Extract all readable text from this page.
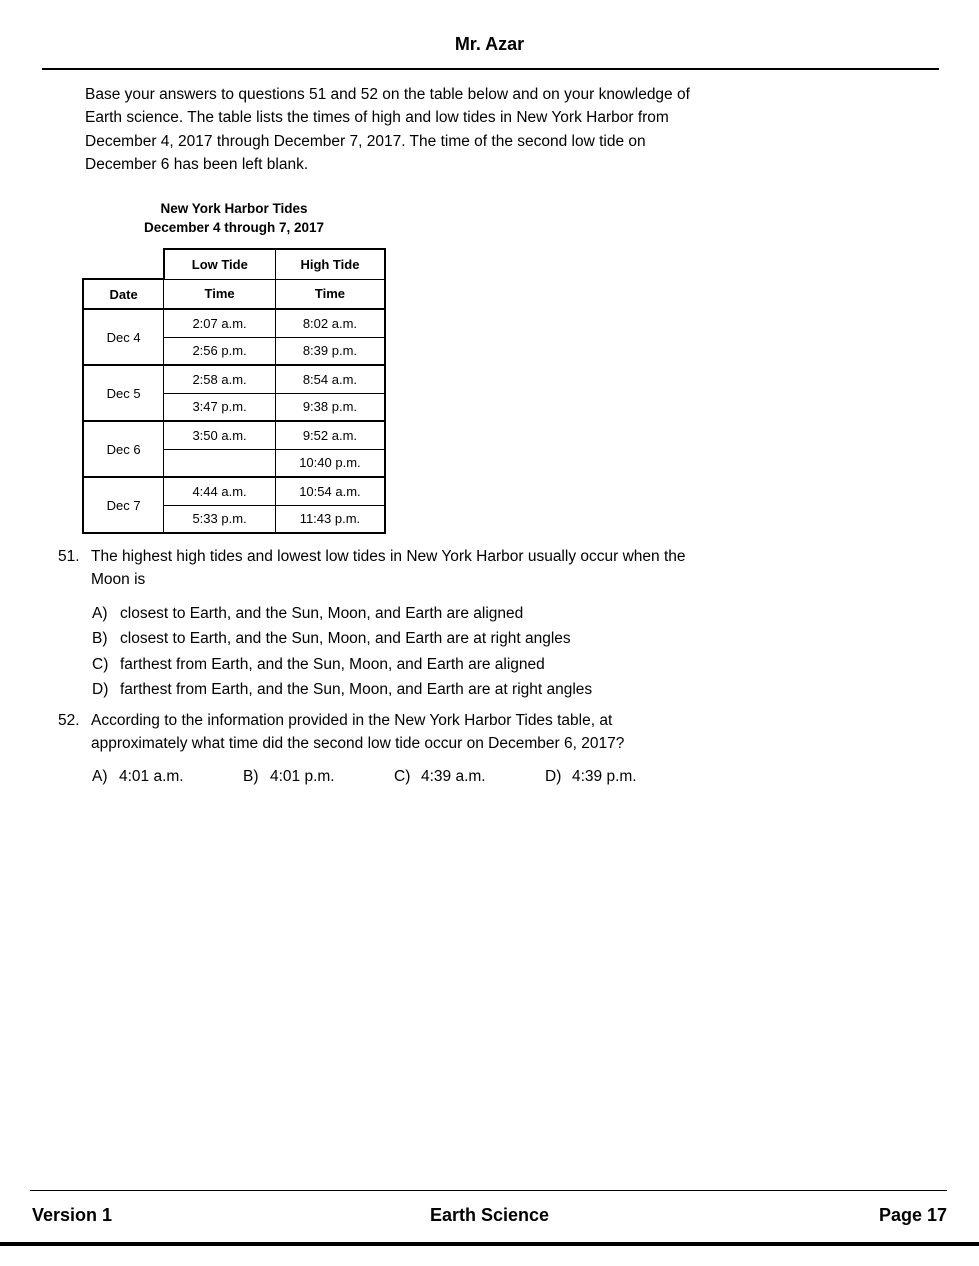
Mr. Azar
Base your answers to questions 51 and 52 on the table below and on your knowledge of
Earth science. The table lists the times of high and low tides in New York Harbor from
December 4, 2017 through December 7, 2017. The time of the second low tide on
December 6 has been left blank.
New York Harbor Tides
December 4 through 7, 2017
	Low Tide	High Tide
Date	Time	Time
Dec 4	2:07 a.m.	8:02 a.m.
	2:56 p.m.	8:39 p.m.
Dec 5	2:58 a.m.	8:54 a.m.
	3:47 p.m.	9:38 p.m.
Dec 6	3:50 a.m.	9:52 a.m.
		10:40 p.m.
Dec 7	4:44 a.m.	10:54 a.m.
	5:33 p.m.	11:43 p.m.
51. The highest high tides and lowest low tides in New York Harbor usually occur when the
Moon is
A) closest to Earth, and the Sun, Moon, and Earth are aligned
B) closest to Earth, and the Sun, Moon, and Earth are at right angles
C) farthest from Earth, and the Sun, Moon, and Earth are aligned
D) farthest from Earth, and the Sun, Moon, and Earth are at right angles
52. According to the information provided in the New York Harbor Tides table, at
approximately what time did the second low tide occur on December 6, 2017?
A) 4:01 a.m.	B) 4:01 p.m.	C) 4:39 a.m.	D) 4:39 p.m.
Version 1	Earth Science	Page 17
